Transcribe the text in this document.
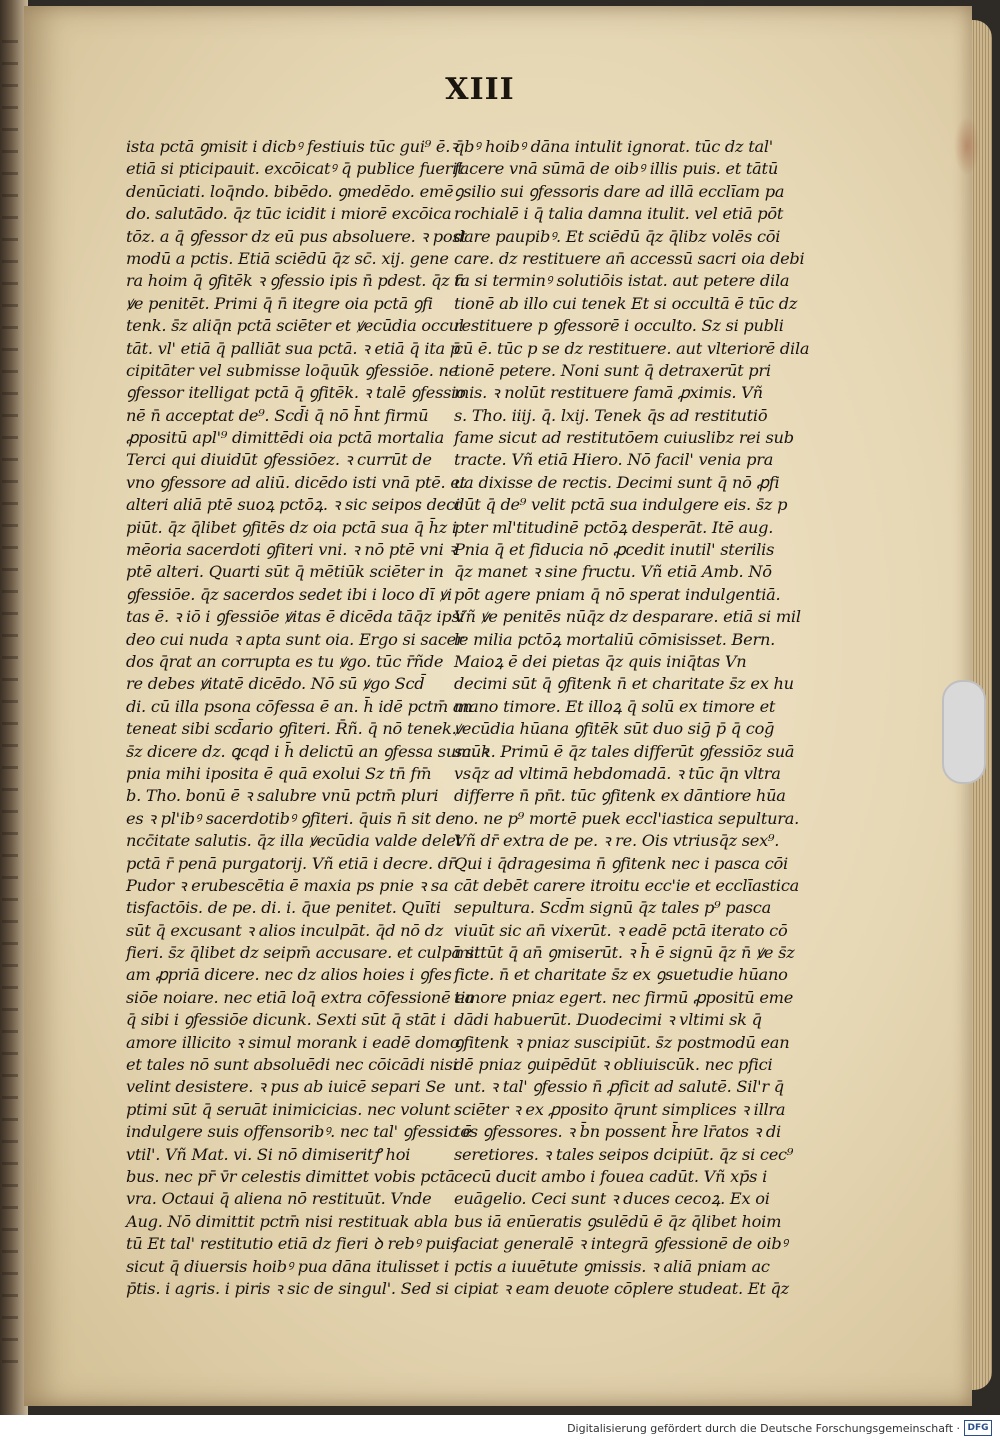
XIII
ista pctā ꝯmisit i dicbꝰ festiuis tūc gui⁹ ē.ꝛ
etiā si pticipauit. excōicatꝰ q̄ publice fuerit
denūciati. loq̄ndo. bibēdo. ꝯmedēdo. emē
do. salutādo. q̄z tūc icidit i miorē excōica
tōz. a q̄ ꝯfessor dz eū pus absoluere. ꝛ post
modū a pctis. Etiā sciēdū q̄z sc̄. xij. gene
ra hoim q̄ ꝯfitēk ꝛ ꝯfessio ipis n̄ pdest. q̄z n̄
ꝟe penitēt. Primi q̄ n̄ itegre oia pctā ꝯfi
tenk. s̄z aliq̄n pctā sciēter et ꝟecūdia occul
tāt. vl' etiā q̄ palliāt sua pctā. ꝛ etiā q̄ ita p̄
cipitāter vel submisse loq̄uūk ꝯfessiōe. ne
ꝯfessor itelligat pctā q̄ ꝯfitēk. ꝛ talē ꝯfessio
nē n̄ acceptat de⁹. Scd̄i q̄ nō h̄nt firmū
ꝓpositū apl'⁹ dimittēdi oia pctā mortalia
Terci qui diuidūt ꝯfessiōez. ꝛ currūt de
vno ꝯfessore ad aliū. dicēdo isti vnā ptē. et
alteri aliā ptē suoꝝ pctōꝝ. ꝛ sic seipos deci
piūt. q̄z q̄libet ꝯfitēs dz oia pctā sua q̄ h̄z i
mēoria sacerdoti ꝯfiteri vni. ꝛ nō ptē vni ꝛ
ptē alteri. Quarti sūt q̄ mētiūk sciēter in
ꝯfessiōe. q̄z sacerdos sedet ibi i loco dī ꝟi
tas ē. ꝛ iō i ꝯfessiōe ꝟitas ē dicēda tāq̄z ipsi
deo cui nuda ꝛ apta sunt oia. Ergo si sacer
dos q̄rat an corrupta es tu ꝟgo. tūc r̄ñde
re debes ꝟitatē dicēdo. Nō sū ꝟgo Scd̄
di. cū illa psona cōfessa ē an. h̄ idē pctm̄ an
teneat sibi scd̄ario ꝯfiteri. R̄ñ. q̄ nō tenek.
s̄z dicere dz. ꝗcqd i h̄ delictū an ꝯfessa sum. ꝛ
pnia mihi iposita ē quā exolui Sz tn̄ fm̄
b. Tho. bonū ē ꝛ salubre vnū pctm̄ pluri
es ꝛ pl'ibꝰ sacerdotibꝰ ꝯfiteri. q̄uis n̄ sit de
ncc̄itate salutis. q̄z illa ꝟecūdia valde delet
pctā r̄ penā purgatorij. Vñ etiā i decre. dr̄
Pudor ꝛ erubescētia ē maxia ps pnie ꝛ sa
tisfactōis. de pe. di. i. q̄ue penitet. Quīti
sūt q̄ excusant ꝛ alios inculpāt. q̄d nō dz
fieri. s̄z q̄libet dz seipm̄ accusare. et culpā si
am ꝓpriā dicere. nec dz alios hoies i ꝯfes
siōe noiare. nec etiā loq̄ extra cōfessionē ea
q̄ sibi i ꝯfessiōe dicunk. Sexti sūt q̄ stāt i
amore illicito ꝛ simul morank i eadē domo
et tales nō sunt absoluēdi nec cōicādi nisi
velint desistere. ꝛ pus ab iuicē separi Se
ptimi sūt q̄ seruāt inimicicias. nec volunt
indulgere suis offensoribꝰ. nec tal' ꝯfessio ē
vtil'. Vñ Mat. vi. Si nō dimiseritꝭ hoi
bus. nec pr̄ v̄r celestis dimittet vobis pctā
vra. Octaui q̄ aliena nō restituūt. Vnde
Aug. Nō dimittit pctm̄ nisi restituak abla
tū Et tal' restitutio etiā dz fieri ꝺ rebꝰ puis
sicut q̄ diuersis hoibꝰ pua dāna itulisset i
p̄tis. i agris. i piris ꝛ sic de singul'. Sed si
q̄bꝰ hoibꝰ dāna intulit ignorat. tūc dz tal'
facere vnā sūmā de oibꝰ illis puis. et tātū
ꝯsilio sui ꝯfessoris dare ad illā ecclīam pa
rochialē i q̄ talia damna itulit. vel etiā pōt
dare paupibꝰ. Et sciēdū q̄z q̄libz volēs cōi
care. dz restituere an̄ accessū sacri oia debi
ta si terminꝰ solutiōis istat. aut petere dila
tionē ab illo cui tenek Et si occultā ē tūc dz
restituere p ꝯfessorē i occulto. Sz si publi
cū ē. tūc p se dz restituere. aut vlteriorē dila
tionē petere. Noni sunt q̄ detraxerūt pri
mis. ꝛ nolūt restituere famā ꝓximis. Vñ
s. Tho. iiij. q̄. lxij. Tenek q̄s ad restitutiō
fame sicut ad restitutōem cuiuslibz rei sub
tracte. Vñ etiā Hiero. Nō facil' venia pra
ua dixisse de rectis. Decimi sunt q̄ nō ꝓfi
dūt q̄ de⁹ velit pctā sua indulgere eis. s̄z p
pter ml'titudinē pctōꝝ desperāt. Itē aug.
Pnia q̄ et fiducia nō ꝓcedit inutil' sterilis
q̄z manet ꝛ sine fructu. Vñ etiā Amb. Nō
pōt agere pniam q̄ nō sperat indulgentiā.
Vñ ꝟe penitēs nūq̄z dz desparare. etiā si mil
le milia pctōꝝ mortaliū cōmisisset. Bern.
Maioꝝ ē dei pietas q̄z quis iniq̄tas Vn
decimi sūt q̄ ꝯfitenk n̄ et charitate s̄z ex hu
mano timore. Et illoꝝ q̄ solū ex timore et
ꝟecūdia hūana ꝯfitēk sūt duo siḡ p̄ q̄ coḡ
scūk. Primū ē q̄z tales differūt ꝯfessiōz suā
vsq̄z ad vltimā hebdomadā. ꝛ tūc q̄n vltra
differre n̄ pn̄t. tūc ꝯfitenk ex dāntiore hūa
no. ne p⁹ mortē puek eccl'iastica sepultura.
Vñ dr̄ extra de pe. ꝛ re. Ois vtriusq̄z sex⁹.
Qui i q̄dragesima n̄ ꝯfitenk nec i pasca cōi
cāt debēt carere itroitu ecc'ie et ecclīastica
sepultura. Scd̄m signū q̄z tales p⁹ pasca
viuūt sic an̄ vixerūt. ꝛ eadē pctā iterato cō
mittūt q̄ an̄ ꝯmiserūt. ꝛ h̄ ē signū q̄z n̄ ꝟe s̄z
ficte. n̄ et charitate s̄z ex ꝯsuetudie hūano
timore pniaz egert. nec firmū ꝓpositū eme
dādi habuerūt. Duodecimi ꝛ vltimi sk q̄
ꝯfitenk ꝛ pniaz suscipiūt. s̄z postmodū ean
dē pniaz ꝯuipēdūt ꝛ obliuiscūk. nec pfici
unt. ꝛ tal' ꝯfessio n̄ ꝓficit ad salutē. Sil'r q̄
sciēter ꝛ ex ꝓposito q̄runt simplices ꝛ illra
tos ꝯfessores. ꝛ b̄n possent h̄re lr̄atos ꝛ di
seretiores. ꝛ tales seipos dcipiūt. q̄z si cec⁹
cecū ducit ambo i fouea cadūt. Vñ xp̄s i
euāgelio. Ceci sunt ꝛ duces cecoꝝ. Ex oi
bus iā enūeratis ꝯsulēdū ē q̄z q̄libet hoim
faciat generalē ꝛ integrā ꝯfessionē de oibꝰ
pctis a iuuētute ꝯmissis. ꝛ aliā pniam ac
cipiat ꝛ eam deuote cōplere studeat. Et q̄z
Digitalisierung gefördert durch die Deutsche Forschungsgemeinschaft · DFG
